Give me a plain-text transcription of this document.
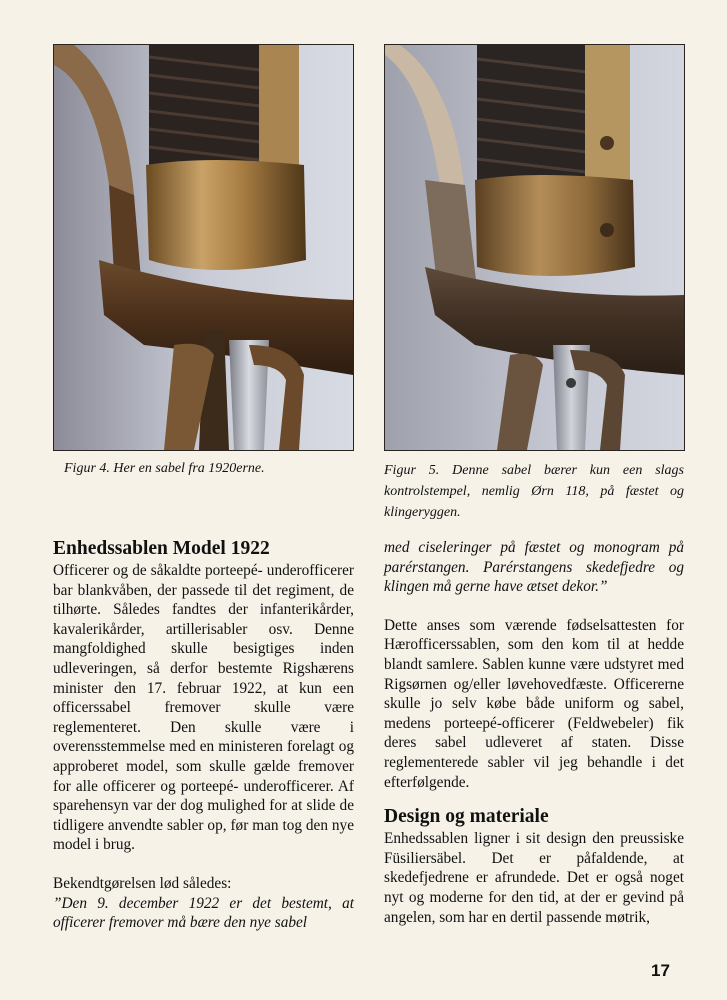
Figur 4. Her en sabel fra 1920erne.	Figur 5. Denne sabel bærer kun een slags kontrolstempel, nemlig Ørn 118, på fæstet og klingeryggen.

Enhedssablen Model 1922

Officerer og de såkaldte porteepé- underofficerer bar blankvåben, der passede til det regiment, de tilhørte. Således fandtes der infanterikårder, kavalerikårder, artillerisabler osv. Denne mangfoldighed skulle besigtiges inden udleveringen, så derfor bestemte Rigshærens minister den 17. februar 1922, at kun een officerssabel fremover skulle være reglementeret. Den skulle være i overensstemmelse med en ministeren forelagt og approberet model, som skulle gælde fremover for alle officerer og porteepé- underofficerer. Af sparehensyn var der dog mulighed for at slide de tidligere anvendte sabler op, før man tog den nye model i brug.

Bekendtgørelsen lød således:

”Den 9. december 1922 er det bestemt, at officerer fremover må bære den nye sabel

med ciseleringer på fæstet og monogram på parérstangen. Parérstangens skedefjedre og klingen må gerne have ætset dekor.”

Dette anses som værende fødselsattesten for Hærofficerssablen, som den kom til at hedde blandt samlere. Sablen kunne være udstyret med Rigsørnen og/eller løvehovedfæste. Officererne skulle jo selv købe både uniform og sabel, medens porteepé-officerer (Feldwebeler) fik deres sabel udleveret af staten. Disse reglementerede sabler vil jeg behandle i det efterfølgende.

Design og materiale

Enhedssablen ligner i sit design den preussiske Füsiliersäbel. Det er påfaldende, at skedefjedrene er afrundede. Det er også noget nyt og moderne for den tid, at der er gevind på angelen, som har en dertil passende møtrik,

17
